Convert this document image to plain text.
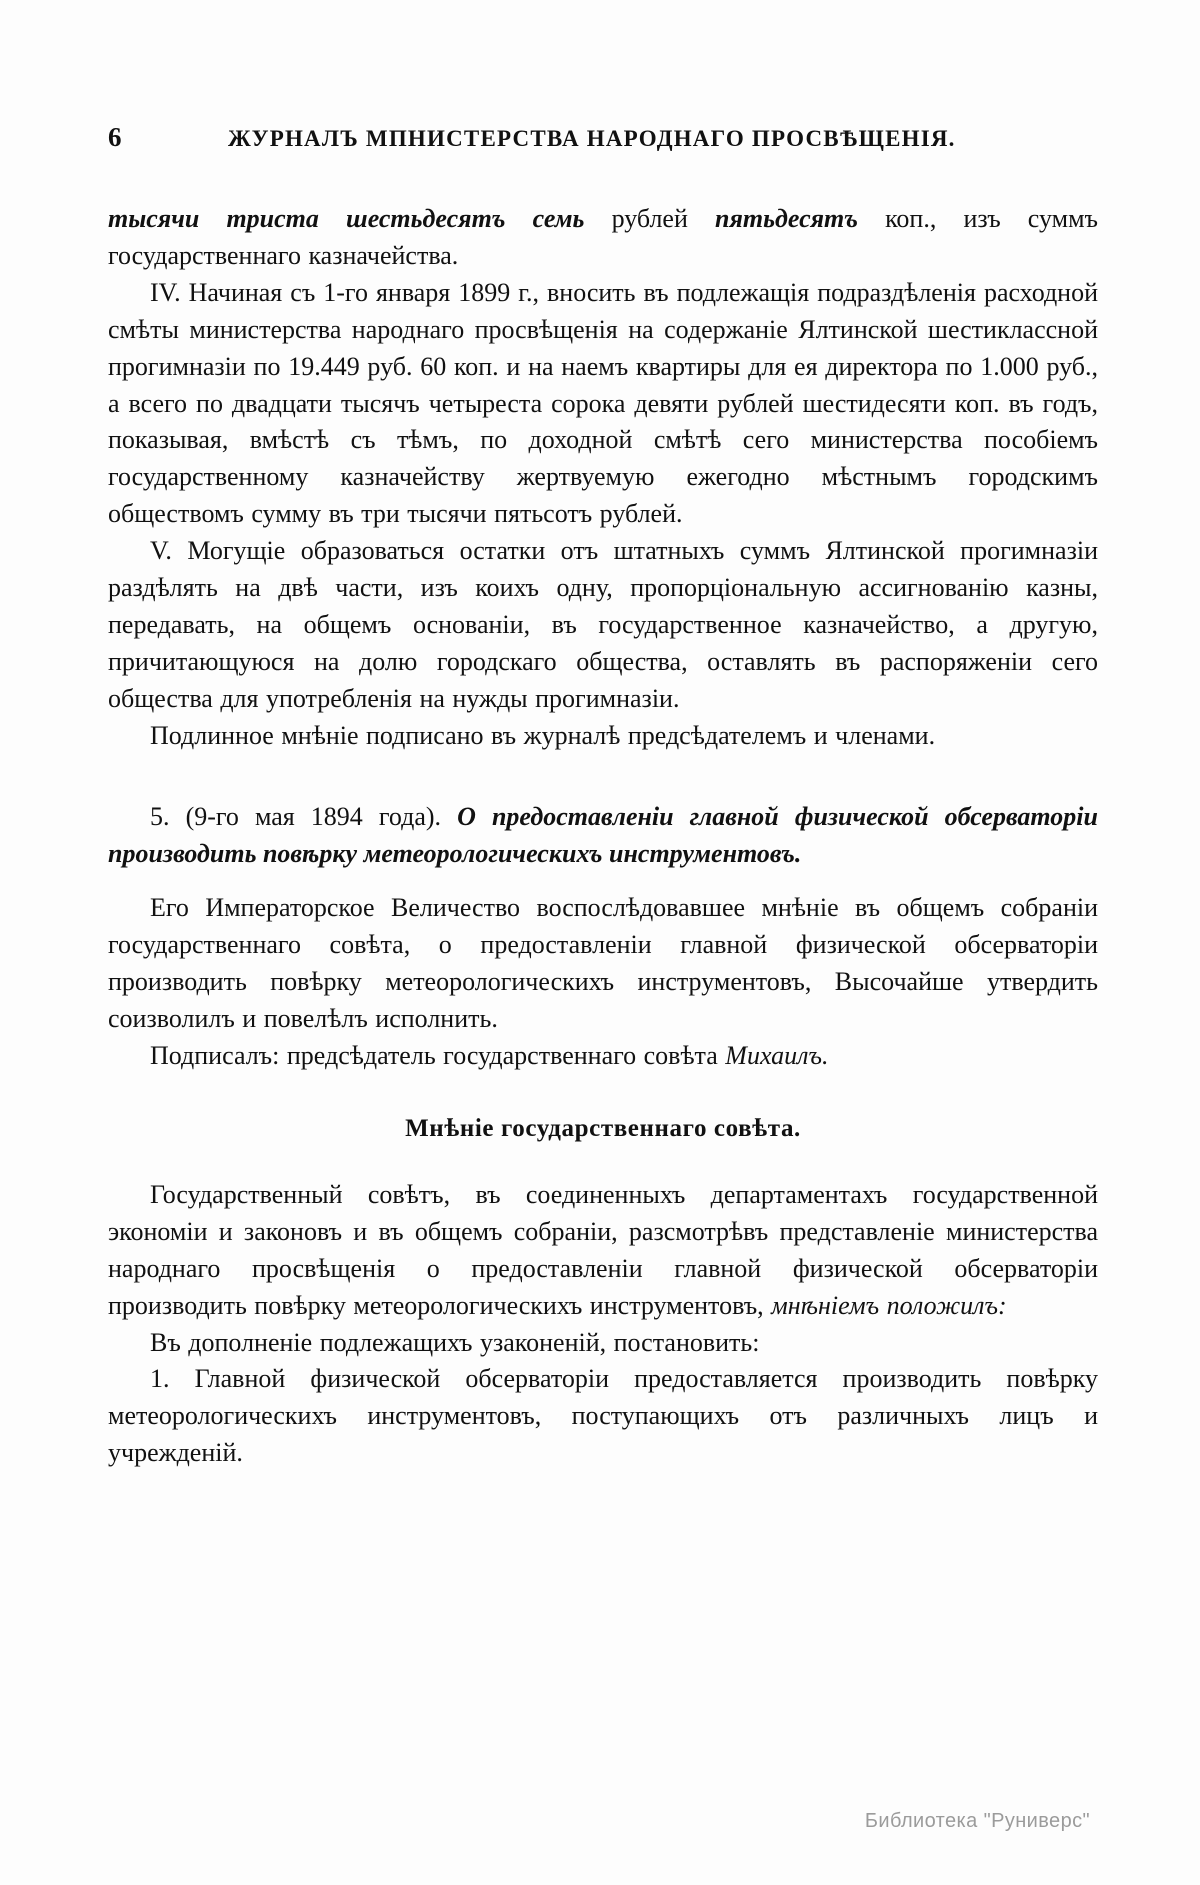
6	ЖУРНАЛЪ МПНИСТЕРСТВА НАРОДНАГО ПРОСВѢЩЕНІЯ.

тысячи триста шестьдесятъ семь рублей пятьдесятъ коп., изъ суммъ государственнаго казначейства.

IV. Начиная съ 1-го января 1899 г., вносить въ подлежащія подраздѣленія расходной смѣты министерства народнаго просвѣщенія на содержаніе Ялтинской шестиклассной прогимназіи по 19.449 руб. 60 коп. и на наемъ квартиры для ея директора по 1.000 руб., а всего по двадцати тысячъ четыреста сорока девяти рублей шестидесяти коп. въ годъ, показывая, вмѣстѣ съ тѣмъ, по доходной смѣтѣ сего министерства пособіемъ государственному казначейству жертвуемую ежегодно мѣстнымъ городскимъ обществомъ сумму въ три тысячи пятьсотъ рублей.

V. Могущіе образоваться остатки отъ штатныхъ суммъ Ялтинской прогимназіи раздѣлять на двѣ части, изъ коихъ одну, пропорціональную ассигнованію казны, передавать, на общемъ основаніи, въ государственное казначейство, а другую, причитающуюся на долю городскаго общества, оставлять въ распоряженіи сего общества для употребленія на нужды прогимназіи.

Подлинное мнѣніе подписано въ журналѣ предсѣдателемъ и членами.

5. (9-го мая 1894 года). О предоставленіи главной физической обсерваторіи производить повѣрку метеорологическихъ инструментовъ.

Его Императорское Величество воспослѣдовавшее мнѣніе въ общемъ собраніи государственнаго совѣта, о предоставленіи главной физической обсерваторіи производить повѣрку метеорологическихъ инструментовъ, Высочайше утвердить соизволилъ и повелѣлъ исполнить.

Подписалъ: предсѣдатель государственнаго совѣта Михаилъ.

Мнѣніе государственнаго совѣта.

Государственный совѣтъ, въ соединенныхъ департаментахъ государственной экономіи и законовъ и въ общемъ собраніи, разсмотрѣвъ представленіе министерства народнаго просвѣщенія о предоставленіи главной физической обсерваторіи производить повѣрку метеорологическихъ инструментовъ, мнѣніемъ положилъ:

Въ дополненіе подлежащихъ узаконеній, постановить:

1. Главной физической обсерваторіи предоставляется производить повѣрку метеорологическихъ инструментовъ, поступающихъ отъ различныхъ лицъ и учрежденій.

Библиотека "Руниверс"
